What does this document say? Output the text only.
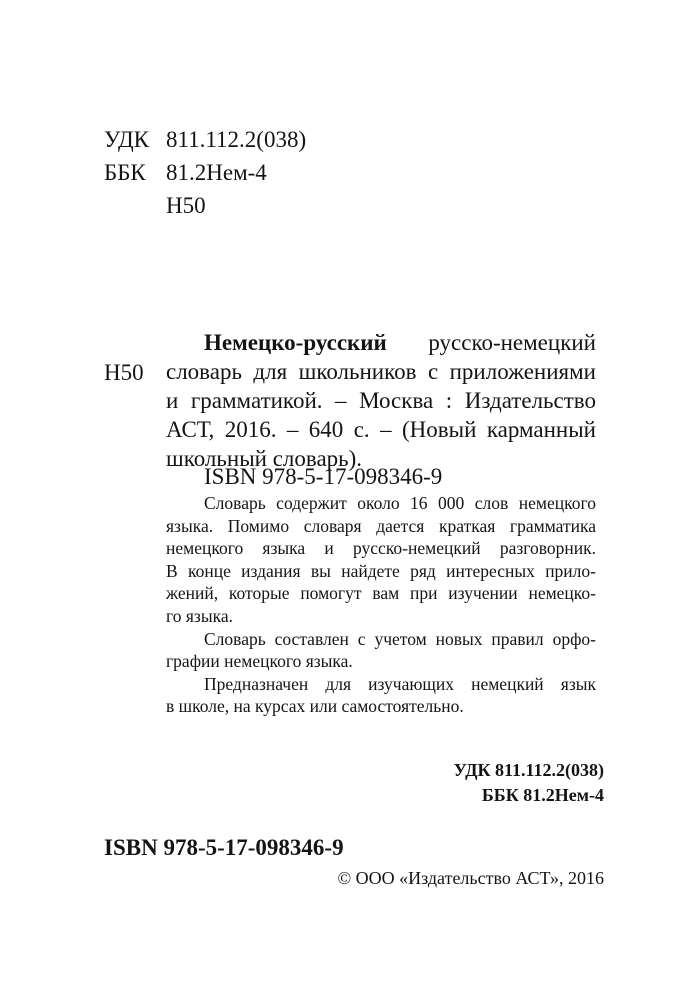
УДК 811.112.2(038)
ББК 81.2Нем-4
Н50
Н50
Немецко-русский русско-немецкий
словарь для школьников с приложениями
и грамматикой. – Москва : Издательство
АСТ, 2016. – 640 с. – (Новый карманный
школьный словарь).
ISBN 978-5-17-098346-9
Словарь содержит около 16 000 слов немецкого
языка. Помимо словаря дается краткая грамматика
немецкого языка и русско-немецкий разговорник.
В конце издания вы найдете ряд интересных прило-
жений, которые помогут вам при изучении немецко-
го языка.
Словарь составлен с учетом новых правил орфо-
графии немецкого языка.
Предназначен для изучающих немецкий язык
в школе, на курсах или самостоятельно.
УДК 811.112.2(038)
ББК 81.2Нем-4
ISBN 978-5-17-098346-9
© ООО «Издательство АСТ», 2016
